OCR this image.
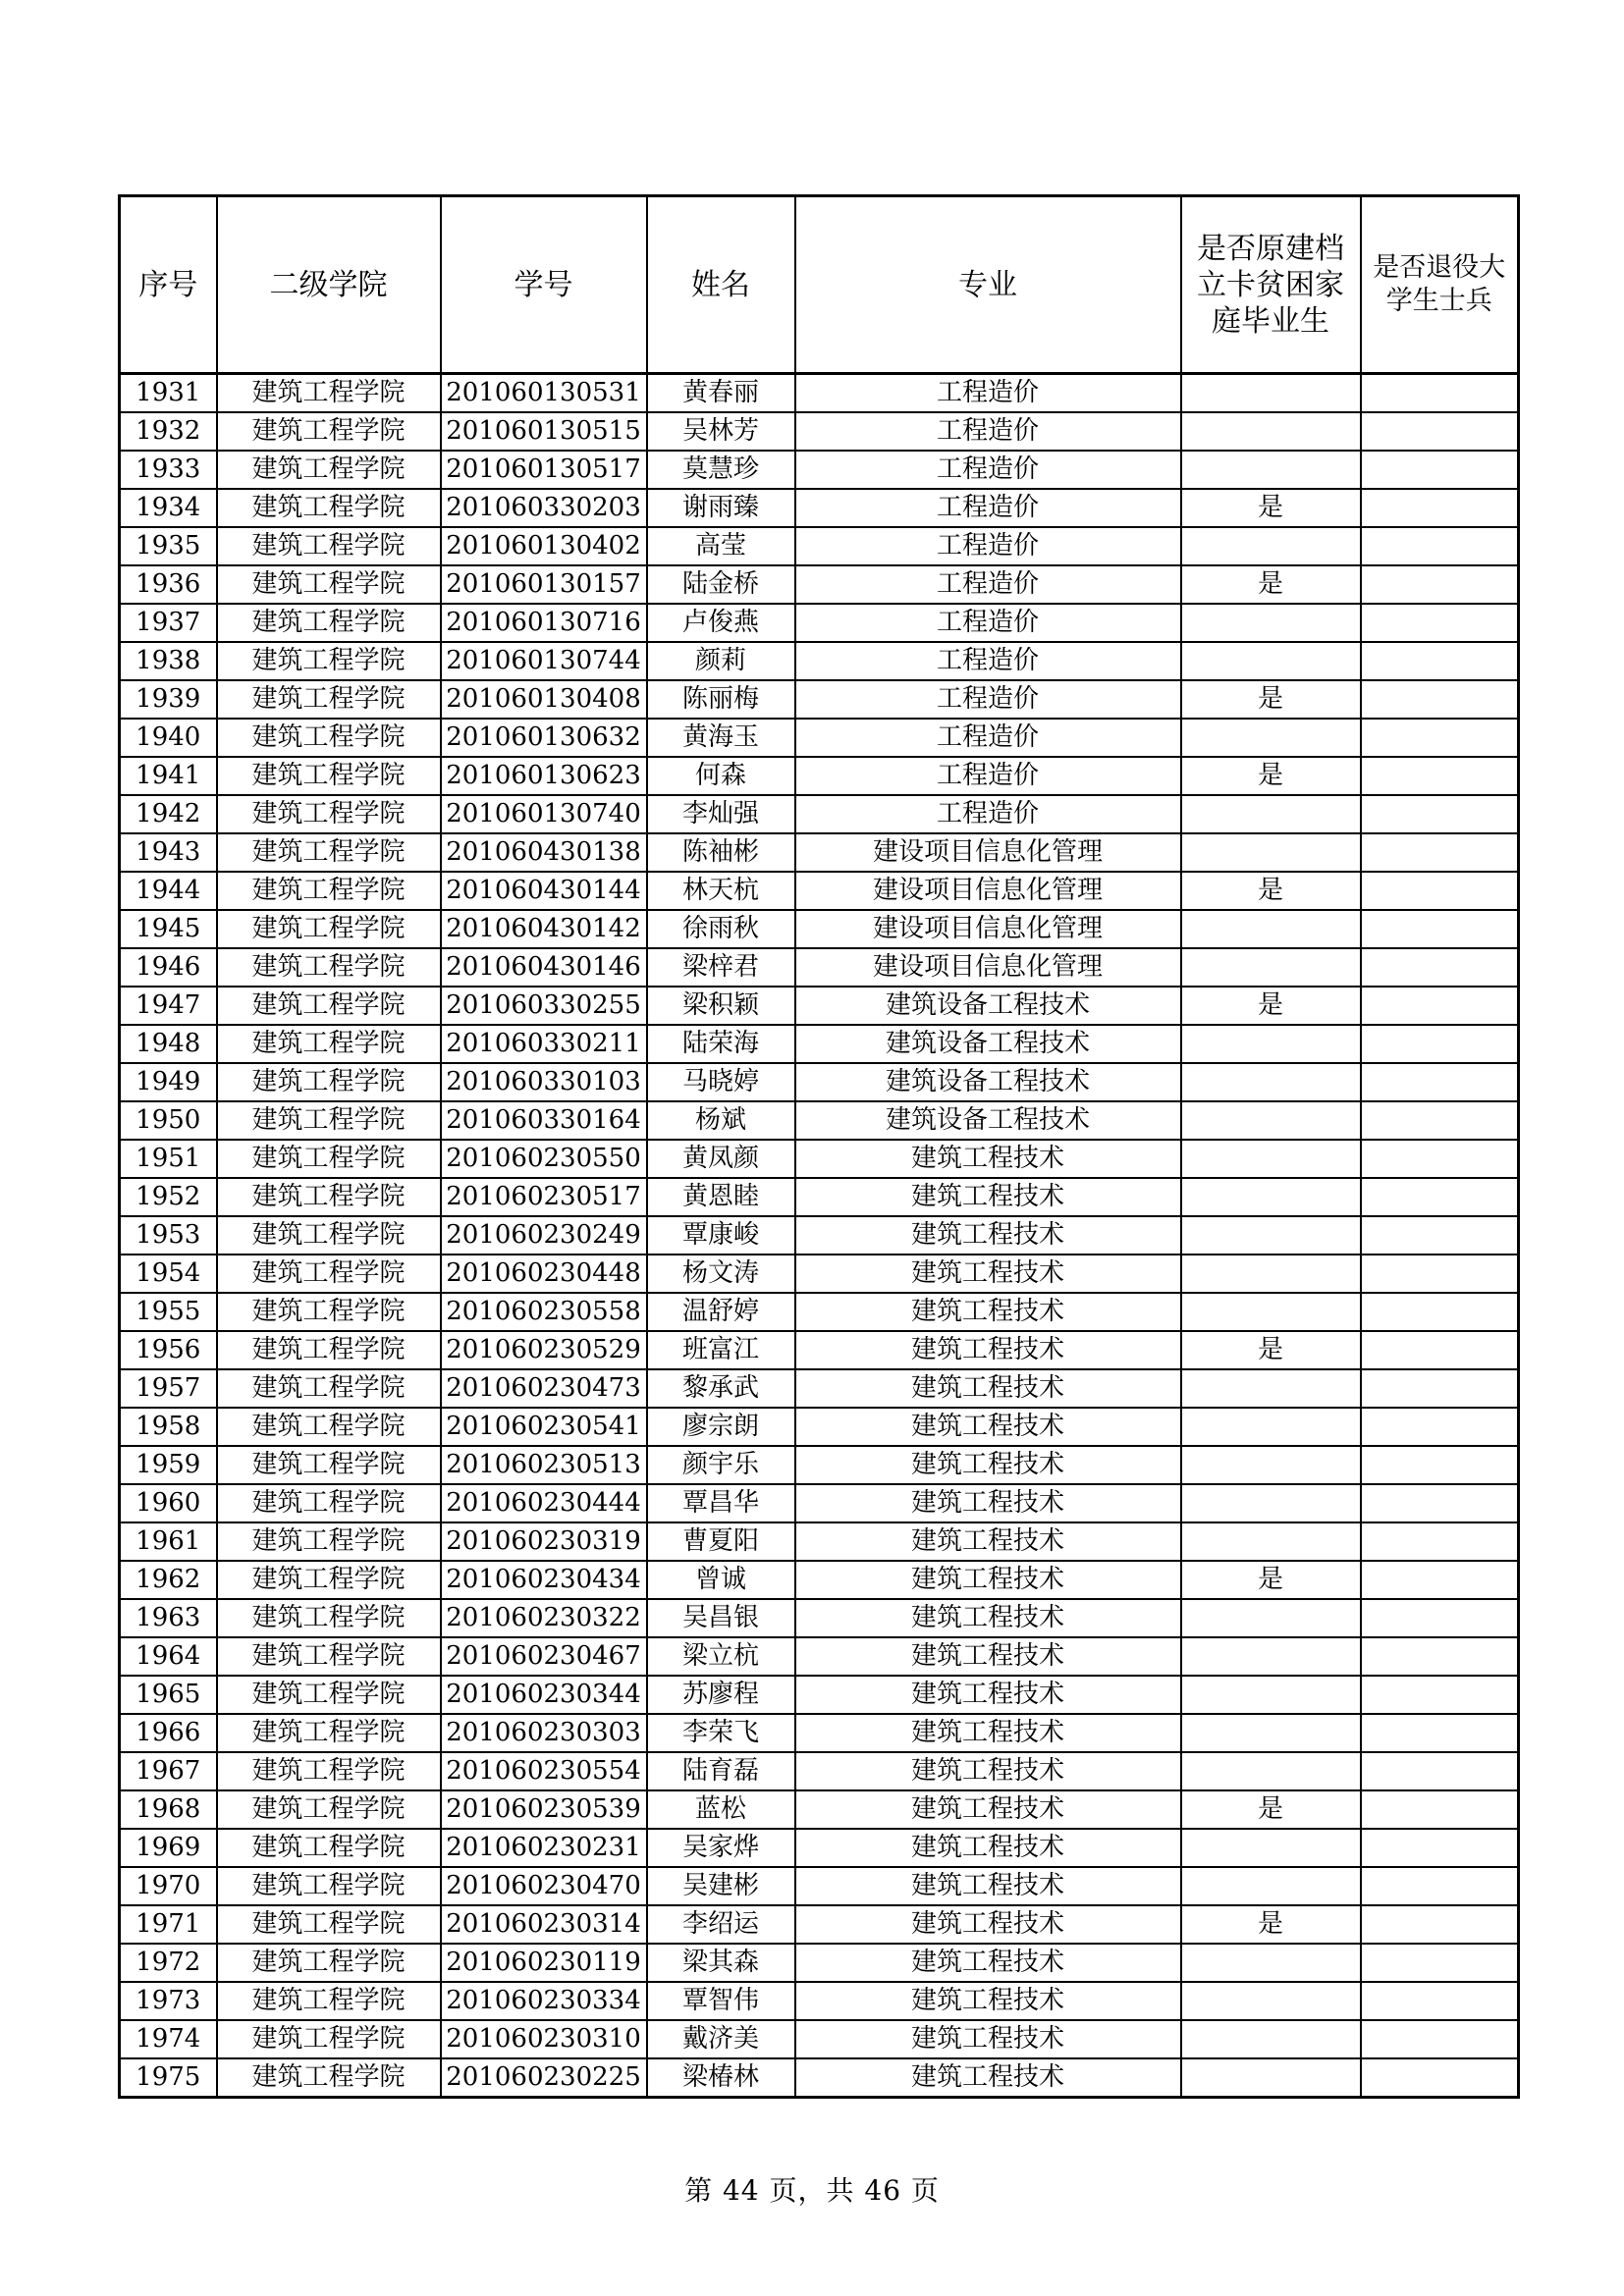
序号	二级学院	学号	姓名	专业	是否原建档立卡贫困家庭毕业生	是否退役大学生士兵
1931	建筑工程学院	201060130531	黄春丽	工程造价		
1932	建筑工程学院	201060130515	吴林芳	工程造价		
1933	建筑工程学院	201060130517	莫慧珍	工程造价		
1934	建筑工程学院	201060330203	谢雨臻	工程造价	是	
1935	建筑工程学院	201060130402	高莹	工程造价		
1936	建筑工程学院	201060130157	陆金桥	工程造价	是	
1937	建筑工程学院	201060130716	卢俊燕	工程造价		
1938	建筑工程学院	201060130744	颜莉	工程造价		
1939	建筑工程学院	201060130408	陈丽梅	工程造价	是	
1940	建筑工程学院	201060130632	黄海玉	工程造价		
1941	建筑工程学院	201060130623	何森	工程造价	是	
1942	建筑工程学院	201060130740	李灿强	工程造价		
1943	建筑工程学院	201060430138	陈袖彬	建设项目信息化管理		
1944	建筑工程学院	201060430144	林天杭	建设项目信息化管理	是	
1945	建筑工程学院	201060430142	徐雨秋	建设项目信息化管理		
1946	建筑工程学院	201060430146	梁梓君	建设项目信息化管理		
1947	建筑工程学院	201060330255	梁积颖	建筑设备工程技术	是	
1948	建筑工程学院	201060330211	陆荣海	建筑设备工程技术		
1949	建筑工程学院	201060330103	马晓婷	建筑设备工程技术		
1950	建筑工程学院	201060330164	杨斌	建筑设备工程技术		
1951	建筑工程学院	201060230550	黄凤颜	建筑工程技术		
1952	建筑工程学院	201060230517	黄恩睦	建筑工程技术		
1953	建筑工程学院	201060230249	覃康峻	建筑工程技术		
1954	建筑工程学院	201060230448	杨文涛	建筑工程技术		
1955	建筑工程学院	201060230558	温舒婷	建筑工程技术		
1956	建筑工程学院	201060230529	班富江	建筑工程技术	是	
1957	建筑工程学院	201060230473	黎承武	建筑工程技术		
1958	建筑工程学院	201060230541	廖宗朗	建筑工程技术		
1959	建筑工程学院	201060230513	颜宇乐	建筑工程技术		
1960	建筑工程学院	201060230444	覃昌华	建筑工程技术		
1961	建筑工程学院	201060230319	曹夏阳	建筑工程技术		
1962	建筑工程学院	201060230434	曾诚	建筑工程技术	是	
1963	建筑工程学院	201060230322	吴昌银	建筑工程技术		
1964	建筑工程学院	201060230467	梁立杭	建筑工程技术		
1965	建筑工程学院	201060230344	苏廖程	建筑工程技术		
1966	建筑工程学院	201060230303	李荣飞	建筑工程技术		
1967	建筑工程学院	201060230554	陆育磊	建筑工程技术		
1968	建筑工程学院	201060230539	蓝松	建筑工程技术	是	
1969	建筑工程学院	201060230231	吴家烨	建筑工程技术		
1970	建筑工程学院	201060230470	吴建彬	建筑工程技术		
1971	建筑工程学院	201060230314	李绍运	建筑工程技术	是	
1972	建筑工程学院	201060230119	梁其森	建筑工程技术		
1973	建筑工程学院	201060230334	覃智伟	建筑工程技术		
1974	建筑工程学院	201060230310	戴济美	建筑工程技术		
1975	建筑工程学院	201060230225	梁椿林	建筑工程技术		
第 44 页，共 46 页
